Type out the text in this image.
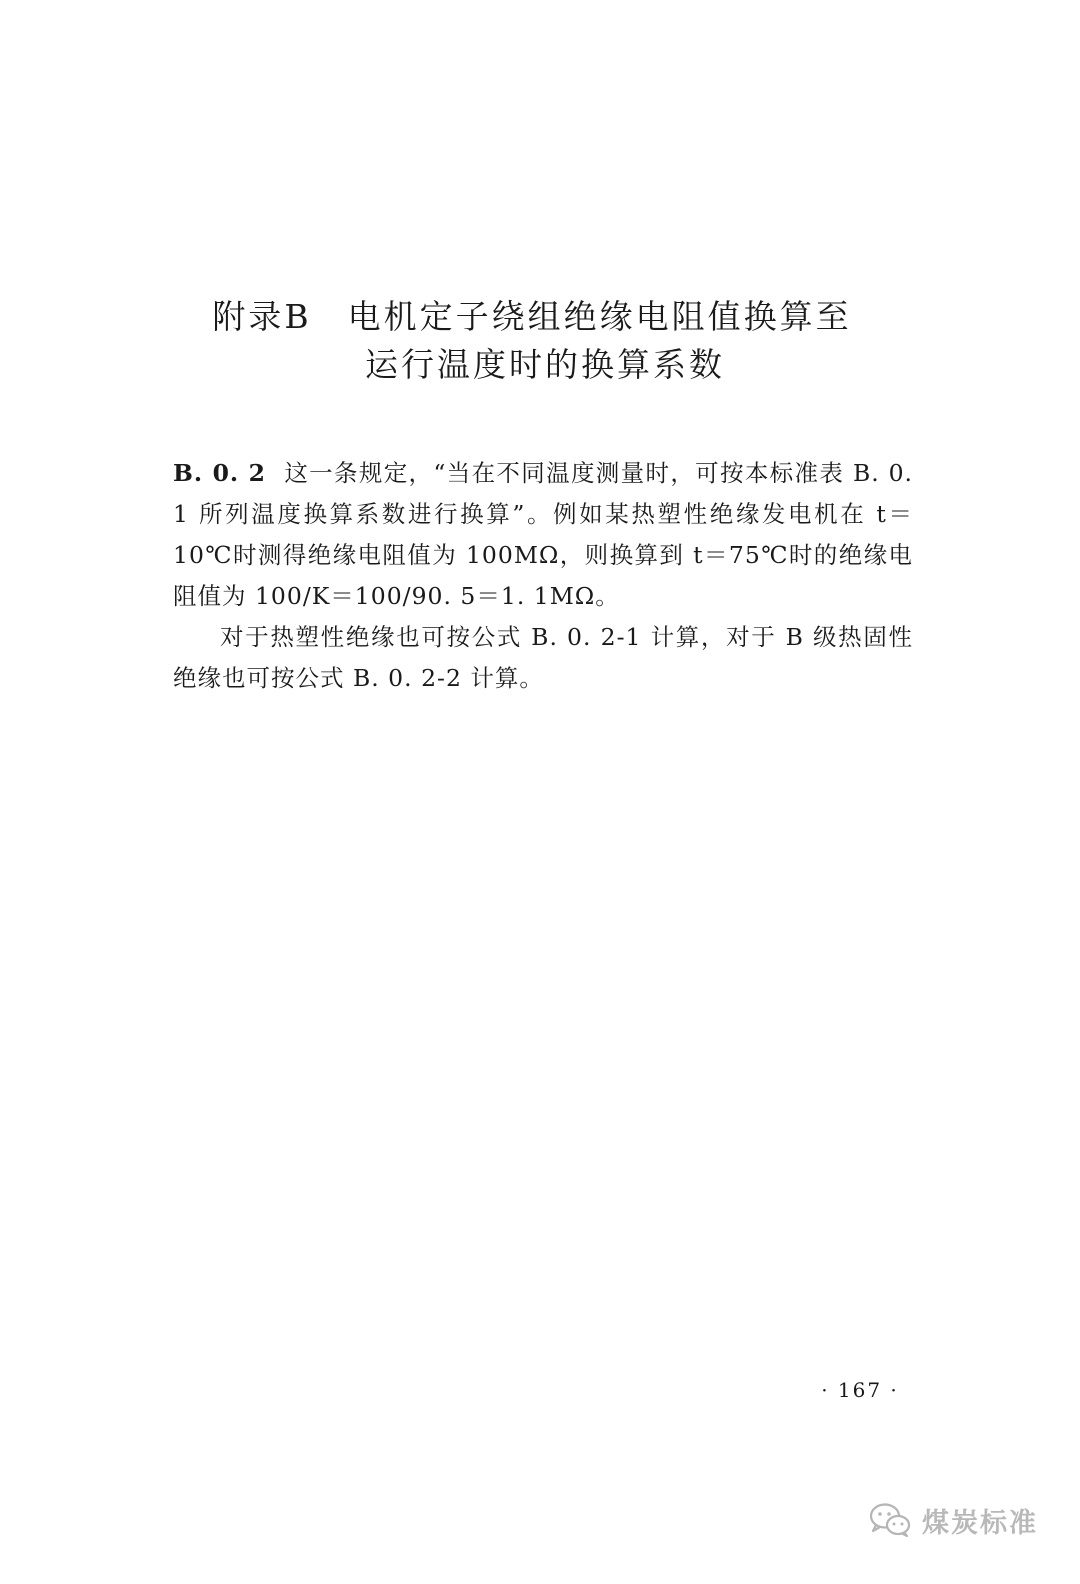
附录B　电机定子绕组绝缘电阻值换算至
运行温度时的换算系数
B. 0. 2 这一条规定，“当在不同温度测量时，可按本标准表 B. 0. 1 所列温度换算系数进行换算”。例如某热塑性绝缘发电机在 t＝10℃时测得绝缘电阻值为 100MΩ，则换算到 t＝75℃时的绝缘电阻值为 100/K＝100/90. 5＝1. 1MΩ。
对于热塑性绝缘也可按公式 B. 0. 2-1 计算，对于 B 级热固性绝缘也可按公式 B. 0. 2-2 计算。
· 167 ·
煤炭标准
